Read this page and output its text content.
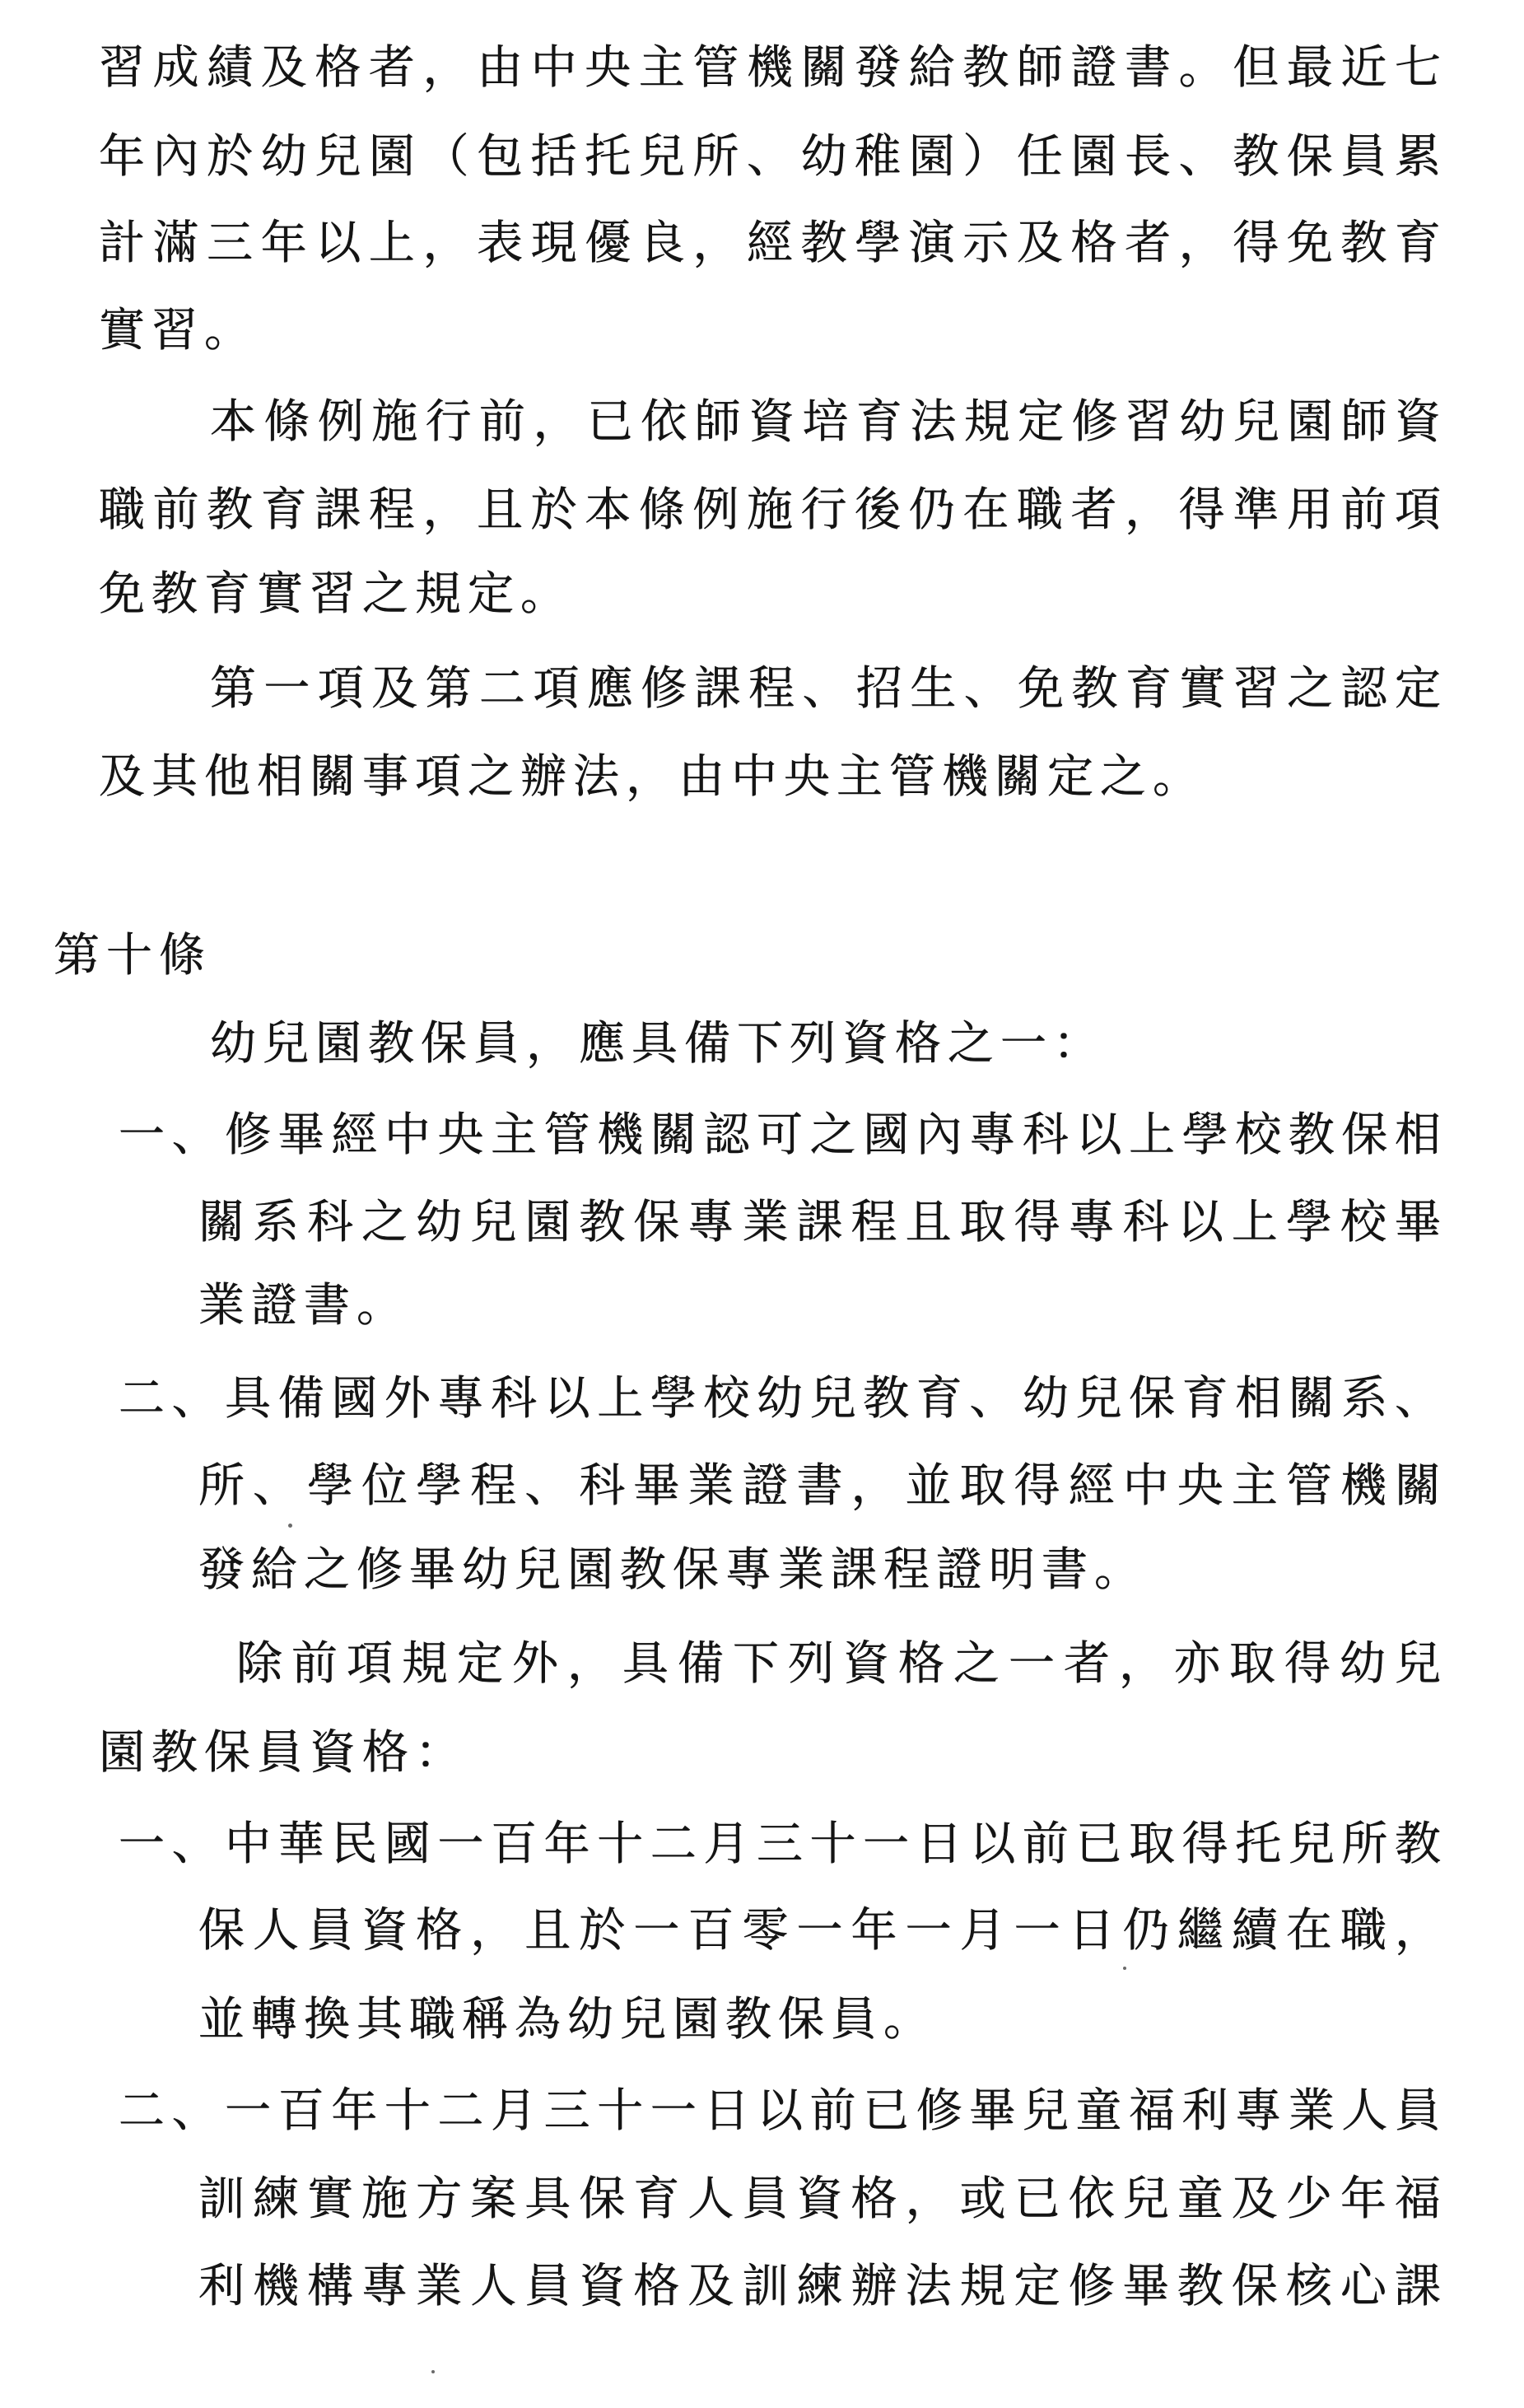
習成績及格者，由中央主管機關發給教師證書。但最近七
年內於幼兒園（包括托兒所、幼稚園）任園長、教保員累
計滿三年以上，表現優良，經教學演示及格者，得免教育
實習。
本條例施行前，已依師資培育法規定修習幼兒園師資
職前教育課程，且於本條例施行後仍在職者，得準用前項
免教育實習之規定。
第一項及第二項應修課程、招生、免教育實習之認定
及其他相關事項之辦法，由中央主管機關定之。
第十條
幼兒園教保員，應具備下列資格之一：
一、修畢經中央主管機關認可之國內專科以上學校教保相
關系科之幼兒園教保專業課程且取得專科以上學校畢
業證書。
二、具備國外專科以上學校幼兒教育、幼兒保育相關系、
所、學位學程、科畢業證書，並取得經中央主管機關
發給之修畢幼兒園教保專業課程證明書。
除前項規定外，具備下列資格之一者，亦取得幼兒
園教保員資格：
一、中華民國一百年十二月三十一日以前已取得托兒所教
保人員資格，且於一百零一年一月一日仍繼續在職，
並轉換其職稱為幼兒園教保員。
二、一百年十二月三十一日以前已修畢兒童福利專業人員
訓練實施方案具保育人員資格，或已依兒童及少年福
利機構專業人員資格及訓練辦法規定修畢教保核心課
